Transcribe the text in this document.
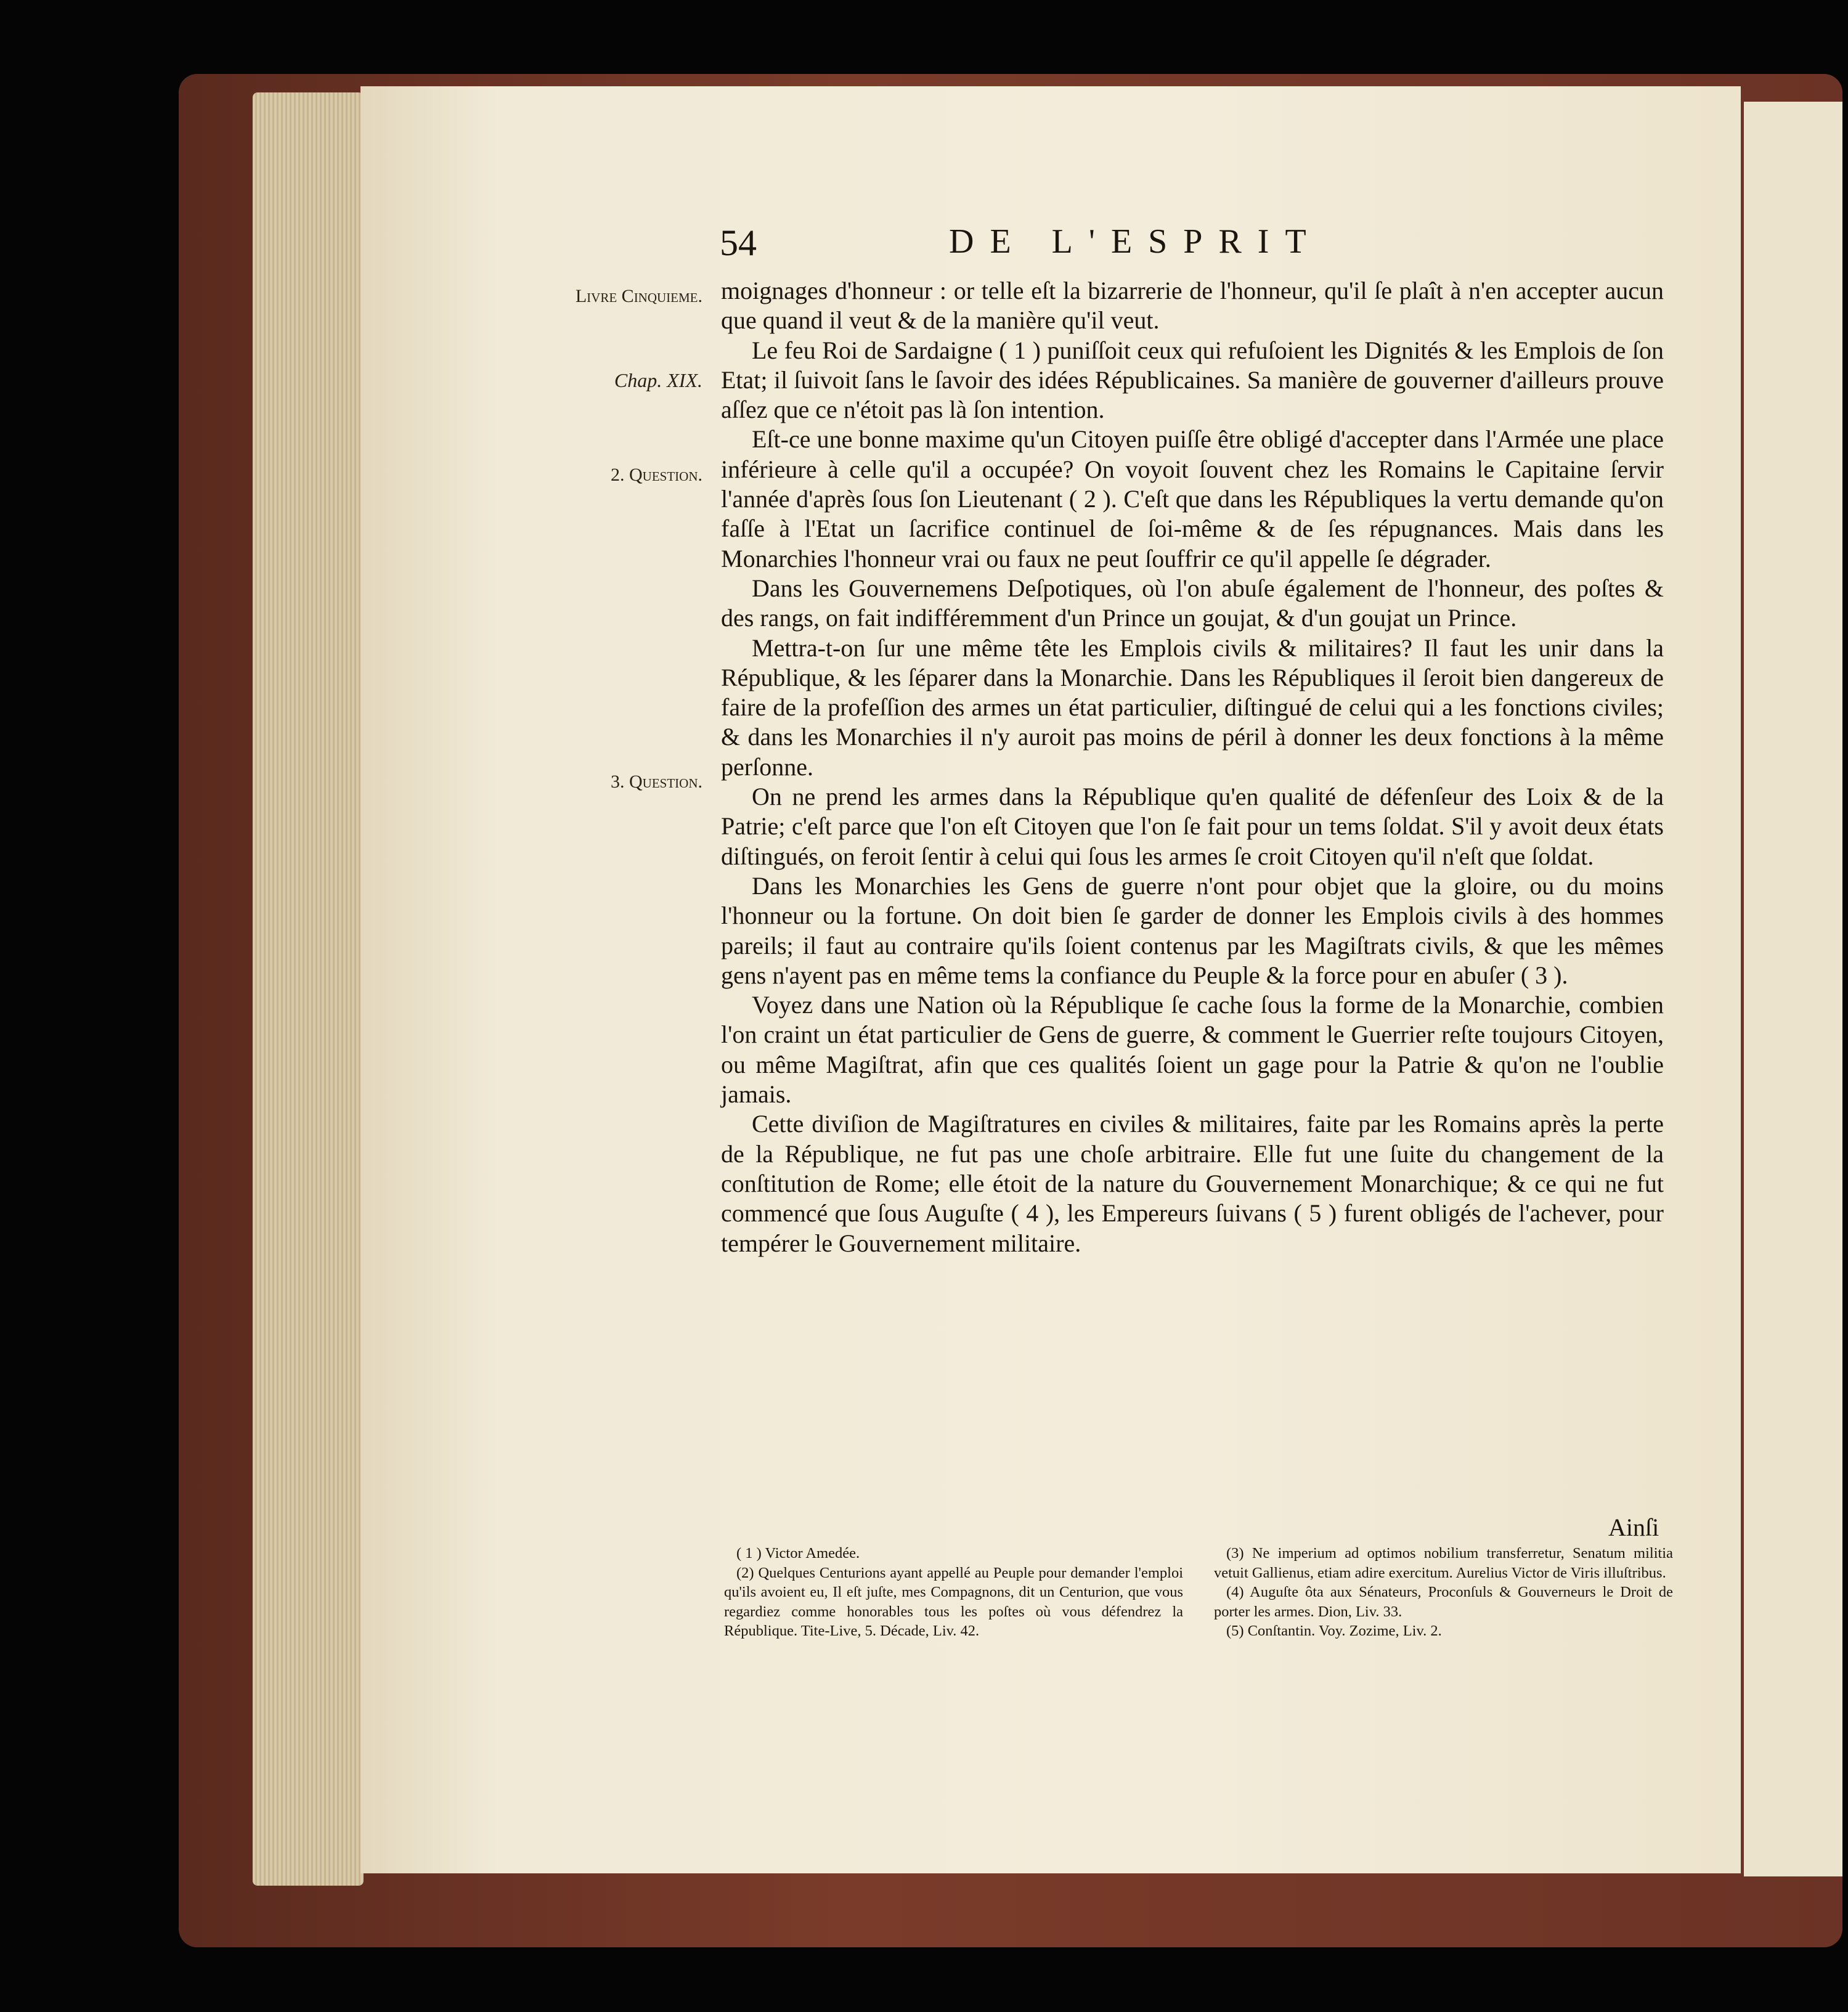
54	DE L'ESPRIT
Livre Cinquieme.
Chap. XIX.
2. Question.
3. Question.

moignages d'honneur : or telle eſt la bizarrerie de l'honneur, qu'il ſe plaît à n'en accepter aucun que quand il veut & de la manière qu'il veut.

Le feu Roi de Sardaigne ( 1 ) puniſſoit ceux qui refuſoient les Dignités & les Emplois de ſon Etat; il ſuivoit ſans le ſavoir des idées Républicaines. Sa manière de gouverner d'ailleurs prouve aſſez que ce n'étoit pas là ſon intention.

Eſt-ce une bonne maxime qu'un Citoyen puiſſe être obligé d'accepter dans l'Armée une place inférieure à celle qu'il a occupée? On voyoit ſouvent chez les Romains le Capitaine ſervir l'année d'après ſous ſon Lieutenant ( 2 ). C'eſt que dans les Républiques la vertu demande qu'on faſſe à l'Etat un ſacrifice continuel de ſoi-même & de ſes répugnances. Mais dans les Monarchies l'honneur vrai ou faux ne peut ſouffrir ce qu'il appelle ſe dégrader.

Dans les Gouvernemens Deſpotiques, où l'on abuſe également de l'honneur, des poſtes & des rangs, on fait indifféremment d'un Prince un goujat, & d'un goujat un Prince.

Mettra-t-on ſur une même tête les Emplois civils & militaires? Il faut les unir dans la République, & les ſéparer dans la Monarchie. Dans les Républiques il ſeroit bien dangereux de faire de la profeſſion des armes un état particulier, diſtingué de celui qui a les fonctions civiles; & dans les Monarchies il n'y auroit pas moins de péril à donner les deux fonctions à la même perſonne.

On ne prend les armes dans la République qu'en qualité de défenſeur des Loix & de la Patrie; c'eſt parce que l'on eſt Citoyen que l'on ſe fait pour un tems ſoldat. S'il y avoit deux états diſtingués, on feroit ſentir à celui qui ſous les armes ſe croit Citoyen qu'il n'eſt que ſoldat.

Dans les Monarchies les Gens de guerre n'ont pour objet que la gloire, ou du moins l'honneur ou la fortune. On doit bien ſe garder de donner les Emplois civils à des hommes pareils; il faut au contraire qu'ils ſoient contenus par les Magiſtrats civils, & que les mêmes gens n'ayent pas en même tems la confiance du Peuple & la force pour en abuſer ( 3 ).

Voyez dans une Nation où la République ſe cache ſous la forme de la Monarchie, combien l'on craint un état particulier de Gens de guerre, & comment le Guerrier reſte toujours Citoyen, ou même Magiſtrat, afin que ces qualités ſoient un gage pour la Patrie & qu'on ne l'oublie jamais.

Cette diviſion de Magiſtratures en civiles & militaires, faite par les Romains après la perte de la République, ne fut pas une choſe arbitraire. Elle fut une ſuite du changement de la conſtitution de Rome; elle étoit de la nature du Gouvernement Monarchique; & ce qui ne fut commencé que ſous Auguſte ( 4 ), les Empereurs ſuivans ( 5 ) furent obligés de l'achever, pour tempérer le Gouvernement militaire.

Ainſi

( 1 ) Victor Amedée.

(2) Quelques Centurions ayant appellé au Peuple pour demander l'emploi qu'ils avoient eu, Il eſt juſte, mes Compagnons, dit un Centurion, que vous regardiez comme honorables tous les poſtes où vous défendrez la République. Tite-Live, 5. Décade, Liv. 42.

(3) Ne imperium ad optimos nobilium transferretur, Senatum militia vetuit Gallienus, etiam adire exercitum. Aurelius Victor de Viris illuſtribus.

(4) Auguſte ôta aux Sénateurs, Proconſuls & Gouverneurs le Droit de porter les armes. Dion, Liv. 33.

(5) Conſtantin. Voy. Zozime, Liv. 2.
